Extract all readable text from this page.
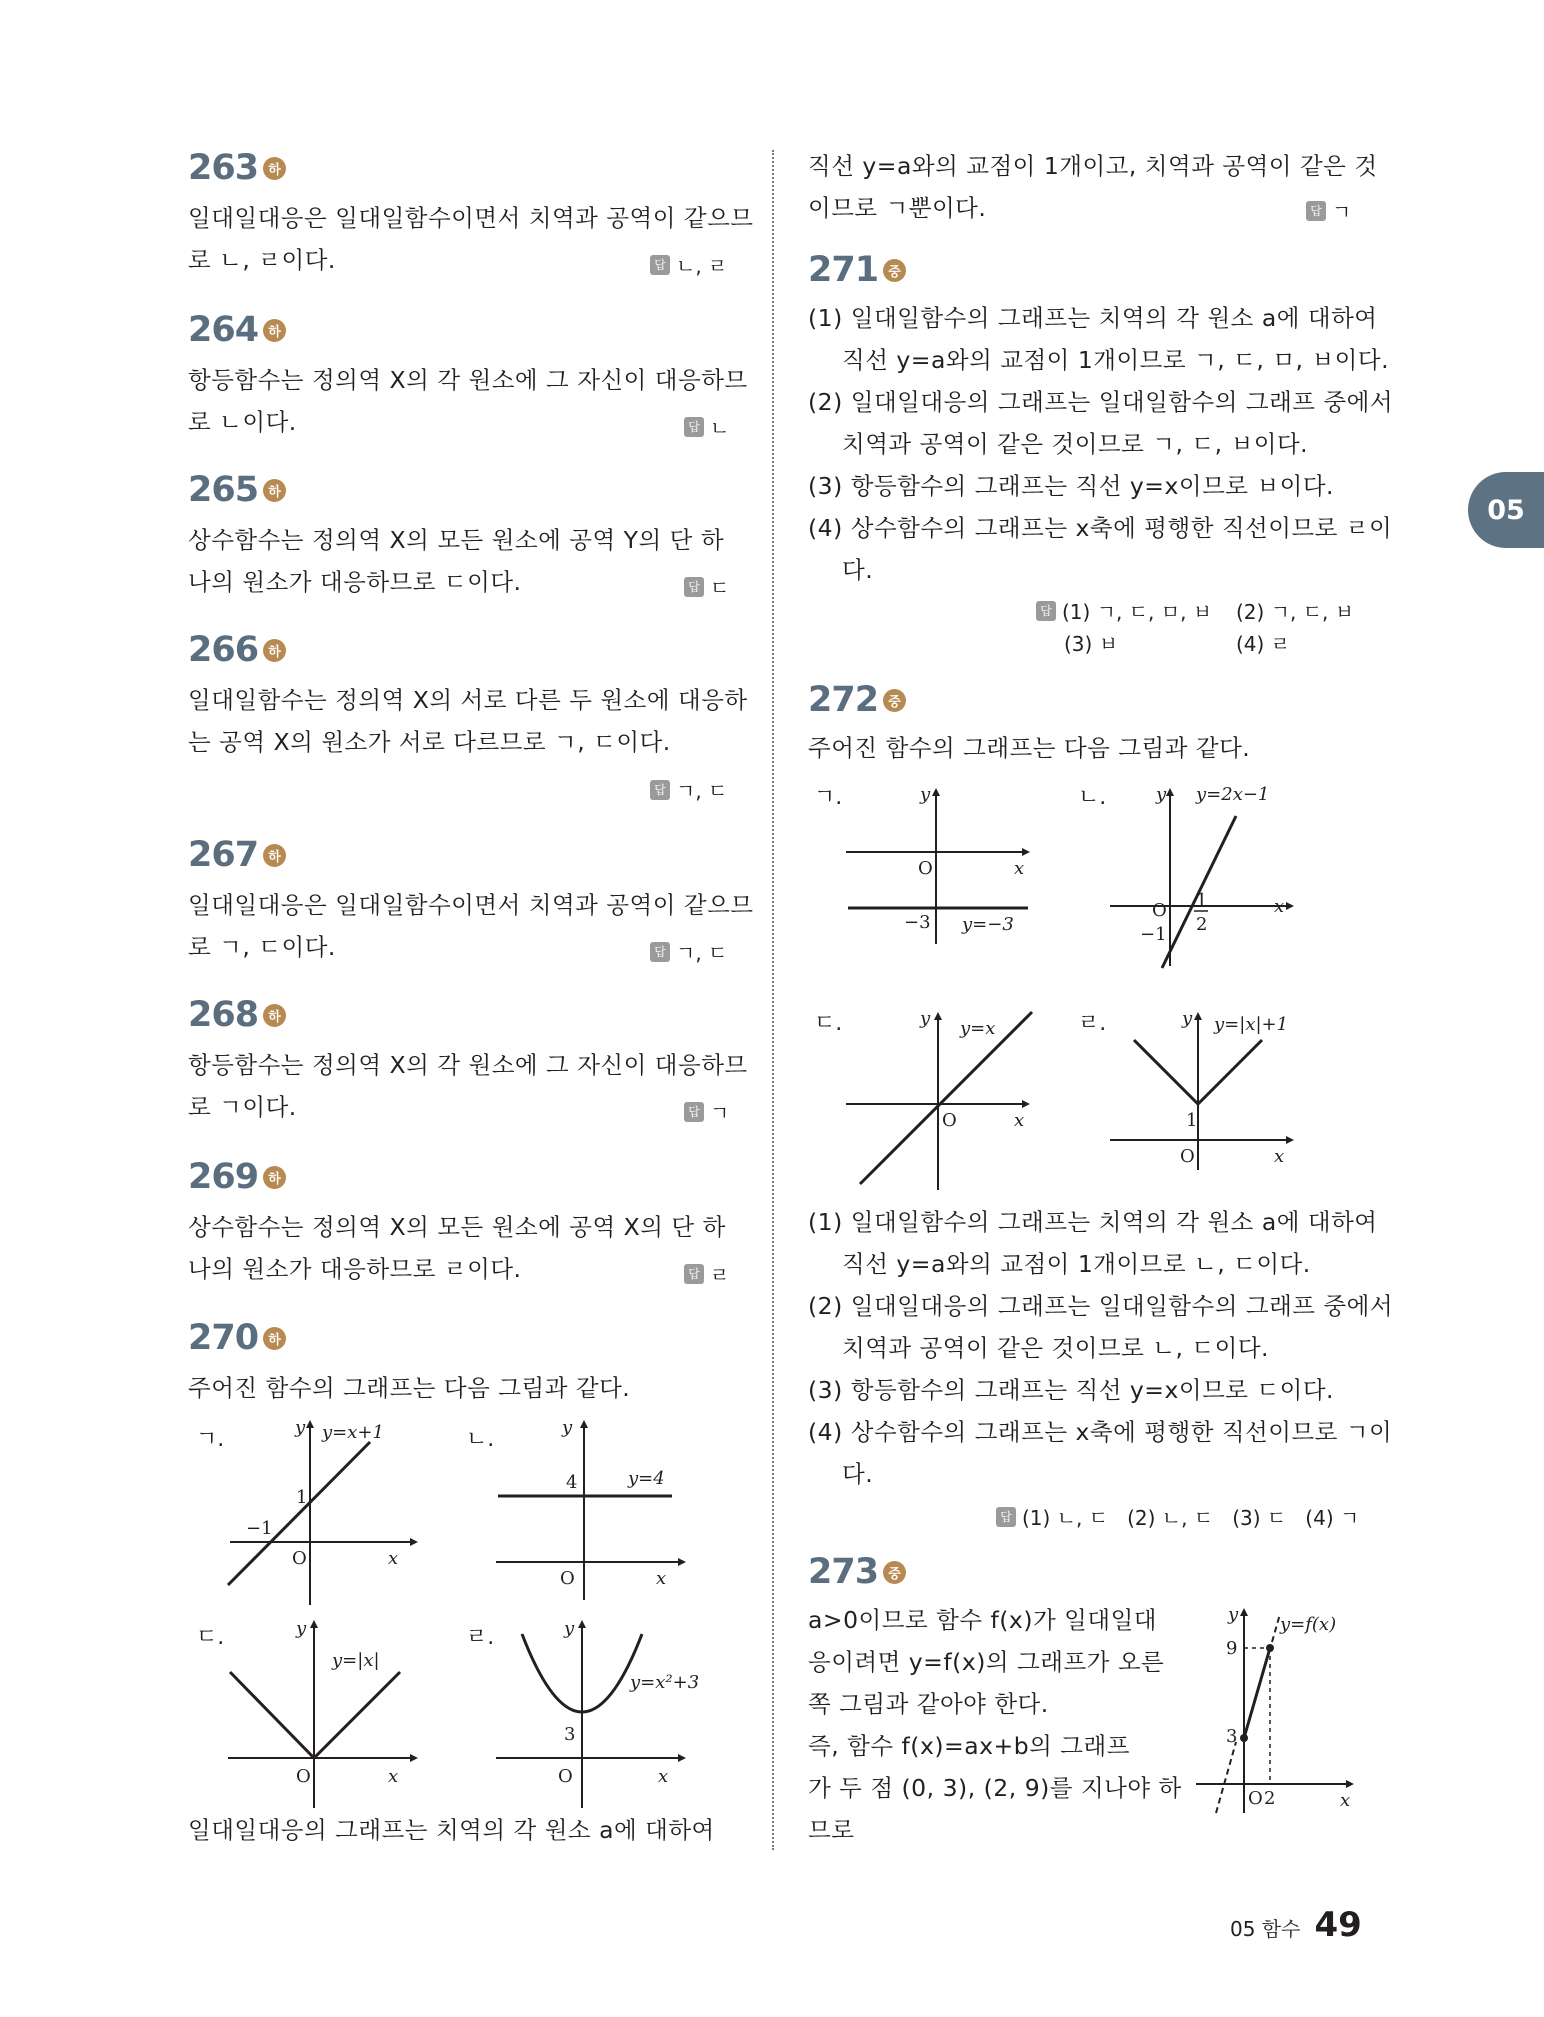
05
263 하
일대일대응은 일대일함수이면서 치역과 공역이 같으므
로 ㄴ, ㄹ이다.	답 ㄴ, ㄹ
264 하
항등함수는 정의역 X의 각 원소에 그 자신이 대응하므
로 ㄴ이다.	답 ㄴ
265 하
상수함수는 정의역 X의 모든 원소에 공역 Y의 단 하
나의 원소가 대응하므로 ㄷ이다.	답 ㄷ
266 하
일대일함수는 정의역 X의 서로 다른 두 원소에 대응하
는 공역 X의 원소가 서로 다르므로 ㄱ, ㄷ이다.
답 ㄱ, ㄷ
267 하
일대일대응은 일대일함수이면서 치역과 공역이 같으므
로 ㄱ, ㄷ이다.	답 ㄱ, ㄷ
268 하
항등함수는 정의역 X의 각 원소에 그 자신이 대응하므
로 ㄱ이다.	답 ㄱ
269 하
상수함수는 정의역 X의 모든 원소에 공역 X의 단 하
나의 원소가 대응하므로 ㄹ이다.	답 ㄹ
270 하
주어진 함수의 그래프는 다음 그림과 같다.
ㄱ.	y y=x+1
1
−1
O	x
ㄴ.	y
y=4
4
O	x
ㄷ.	y
y=|x|
O	x
ㄹ.	y
y=x²+3
3
O	x
일대일대응의 그래프는 치역의 각 원소 a에 대하여
직선 y=a와의 교점이 1개이고, 치역과 공역이 같은 것
이므로 ㄱ뿐이다.	답 ㄱ
271 중
(1) 일대일함수의 그래프는 치역의 각 원소 a에 대하여
직선 y=a와의 교점이 1개이므로 ㄱ, ㄷ, ㅁ, ㅂ이다.
(2) 일대일대응의 그래프는 일대일함수의 그래프 중에서
치역과 공역이 같은 것이므로 ㄱ, ㄷ, ㅂ이다.
(3) 항등함수의 그래프는 직선 y=x이므로 ㅂ이다.
(4) 상수함수의 그래프는 x축에 평행한 직선이므로 ㄹ이
다.
답 (1) ㄱ, ㄷ, ㅁ, ㅂ (2) ㄱ, ㄷ, ㅂ
(3) ㅂ	(4) ㄹ
272 중
주어진 함수의 그래프는 다음 그림과 같다.
ㄱ.	y
O	x
−3 y=−3
ㄴ.	y y=2x−1
O
−1
1
2
x
ㄷ.	y y=x
O	x
ㄹ.	y y=|x|+1
1
O	x
(1) 일대일함수의 그래프는 치역의 각 원소 a에 대하여
직선 y=a와의 교점이 1개이므로 ㄴ, ㄷ이다.
(2) 일대일대응의 그래프는 일대일함수의 그래프 중에서
치역과 공역이 같은 것이므로 ㄴ, ㄷ이다.
(3) 항등함수의 그래프는 직선 y=x이므로 ㄷ이다.
(4) 상수함수의 그래프는 x축에 평행한 직선이므로 ㄱ이
다.
답 (1) ㄴ, ㄷ   (2) ㄴ, ㄷ   (3) ㄷ   (4) ㄱ
273 중
a>0이므로 함수 f(x)가 일대일대
응이려면 y=f(x)의 그래프가 오른
쪽 그림과 같아야 한다.
즉, 함수 f(x)=ax+b의 그래프
가 두 점 (0, 3), (2, 9)를 지나야 하
므로
y y=f(x)
9
3
O 2	x
05 함수 49
